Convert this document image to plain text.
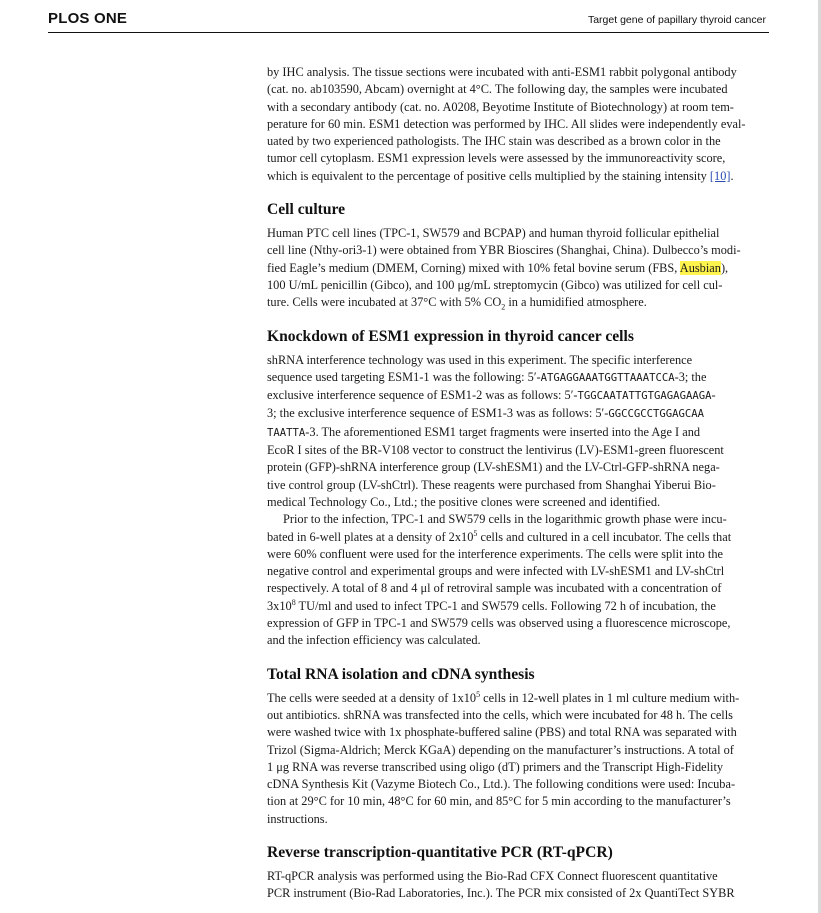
PLOS ONE	Target gene of papillary thyroid cancer

by IHC analysis. The tissue sections were incubated with anti-ESM1 rabbit polygonal antibody
(cat. no. ab103590, Abcam) overnight at 4°C. The following day, the samples were incubated
with a secondary antibody (cat. no. A0208, Beyotime Institute of Biotechnology) at room tem-
perature for 60 min. ESM1 detection was performed by IHC. All slides were independently eval-
uated by two experienced pathologists. The IHC stain was described as a brown color in the
tumor cell cytoplasm. ESM1 expression levels were assessed by the immunoreactivity score,
which is equivalent to the percentage of positive cells multiplied by the staining intensity [10].

Cell culture

Human PTC cell lines (TPC-1, SW579 and BCPAP) and human thyroid follicular epithelial
cell line (Nthy-ori3-1) were obtained from YBR Bioscires (Shanghai, China). Dulbecco’s modi-
fied Eagle’s medium (DMEM, Corning) mixed with 10% fetal bovine serum (FBS, Ausbian),
100 U/mL penicillin (Gibco), and 100 μg/mL streptomycin (Gibco) was utilized for cell cul-
ture. Cells were incubated at 37°C with 5% $CO_2$ in a humidified atmosphere.

Knockdown of ESM1 expression in thyroid cancer cells

shRNA interference technology was used in this experiment. The specific interference
sequence used targeting ESM1-1 was the following: 5′-ATGAGGAAATGGTTAAATCCA-3; the
exclusive interference sequence of ESM1-2 was as follows: 5′-TGGCAATATTGTGAGAGAAGA-
3; the exclusive interference sequence of ESM1-3 was as follows: 5′-GGCCGCCTGGAGCAA
TAATTA-3. The aforementioned ESM1 target fragments were inserted into the Age I and
EcoR I sites of the BR-V108 vector to construct the lentivirus (LV)-ESM1-green fluorescent
protein (GFP)-shRNA interference group (LV-shESM1) and the LV-Ctrl-GFP-shRNA nega-
tive control group (LV-shCtrl). These reagents were purchased from Shanghai Yiberui Bio-
medical Technology Co., Ltd.; the positive clones were screened and identified.

Prior to the infection, TPC-1 and SW579 cells in the logarithmic growth phase were incu-
bated in 6-well plates at a density of $2x10^5$ cells and cultured in a cell incubator. The cells that
were 60% confluent were used for the interference experiments. The cells were split into the
negative control and experimental groups and were infected with LV-shESM1 and LV-shCtrl
respectively. A total of 8 and 4 μl of retroviral sample was incubated with a concentration of
$3x10^8$ TU/ml and used to infect TPC-1 and SW579 cells. Following 72 h of incubation, the
expression of GFP in TPC-1 and SW579 cells was observed using a fluorescence microscope,
and the infection efficiency was calculated.

Total RNA isolation and cDNA synthesis

The cells were seeded at a density of $1x10^5$ cells in 12-well plates in 1 ml culture medium with-
out antibiotics. shRNA was transfected into the cells, which were incubated for 48 h. The cells
were washed twice with 1x phosphate-buffered saline (PBS) and total RNA was separated with
Trizol (Sigma-Aldrich; Merck KGaA) depending on the manufacturer’s instructions. A total of
1 μg RNA was reverse transcribed using oligo (dT) primers and the Transcript High-Fidelity
cDNA Synthesis Kit (Vazyme Biotech Co., Ltd.). The following conditions were used: Incuba-
tion at 29°C for 10 min, 48°C for 60 min, and 85°C for 5 min according to the manufacturer’s
instructions.

Reverse transcription-quantitative PCR (RT-qPCR)

RT-qPCR analysis was performed using the Bio-Rad CFX Connect fluorescent quantitative
PCR instrument (Bio-Rad Laboratories, Inc.). The PCR mix consisted of 2x QuantiTect SYBR
